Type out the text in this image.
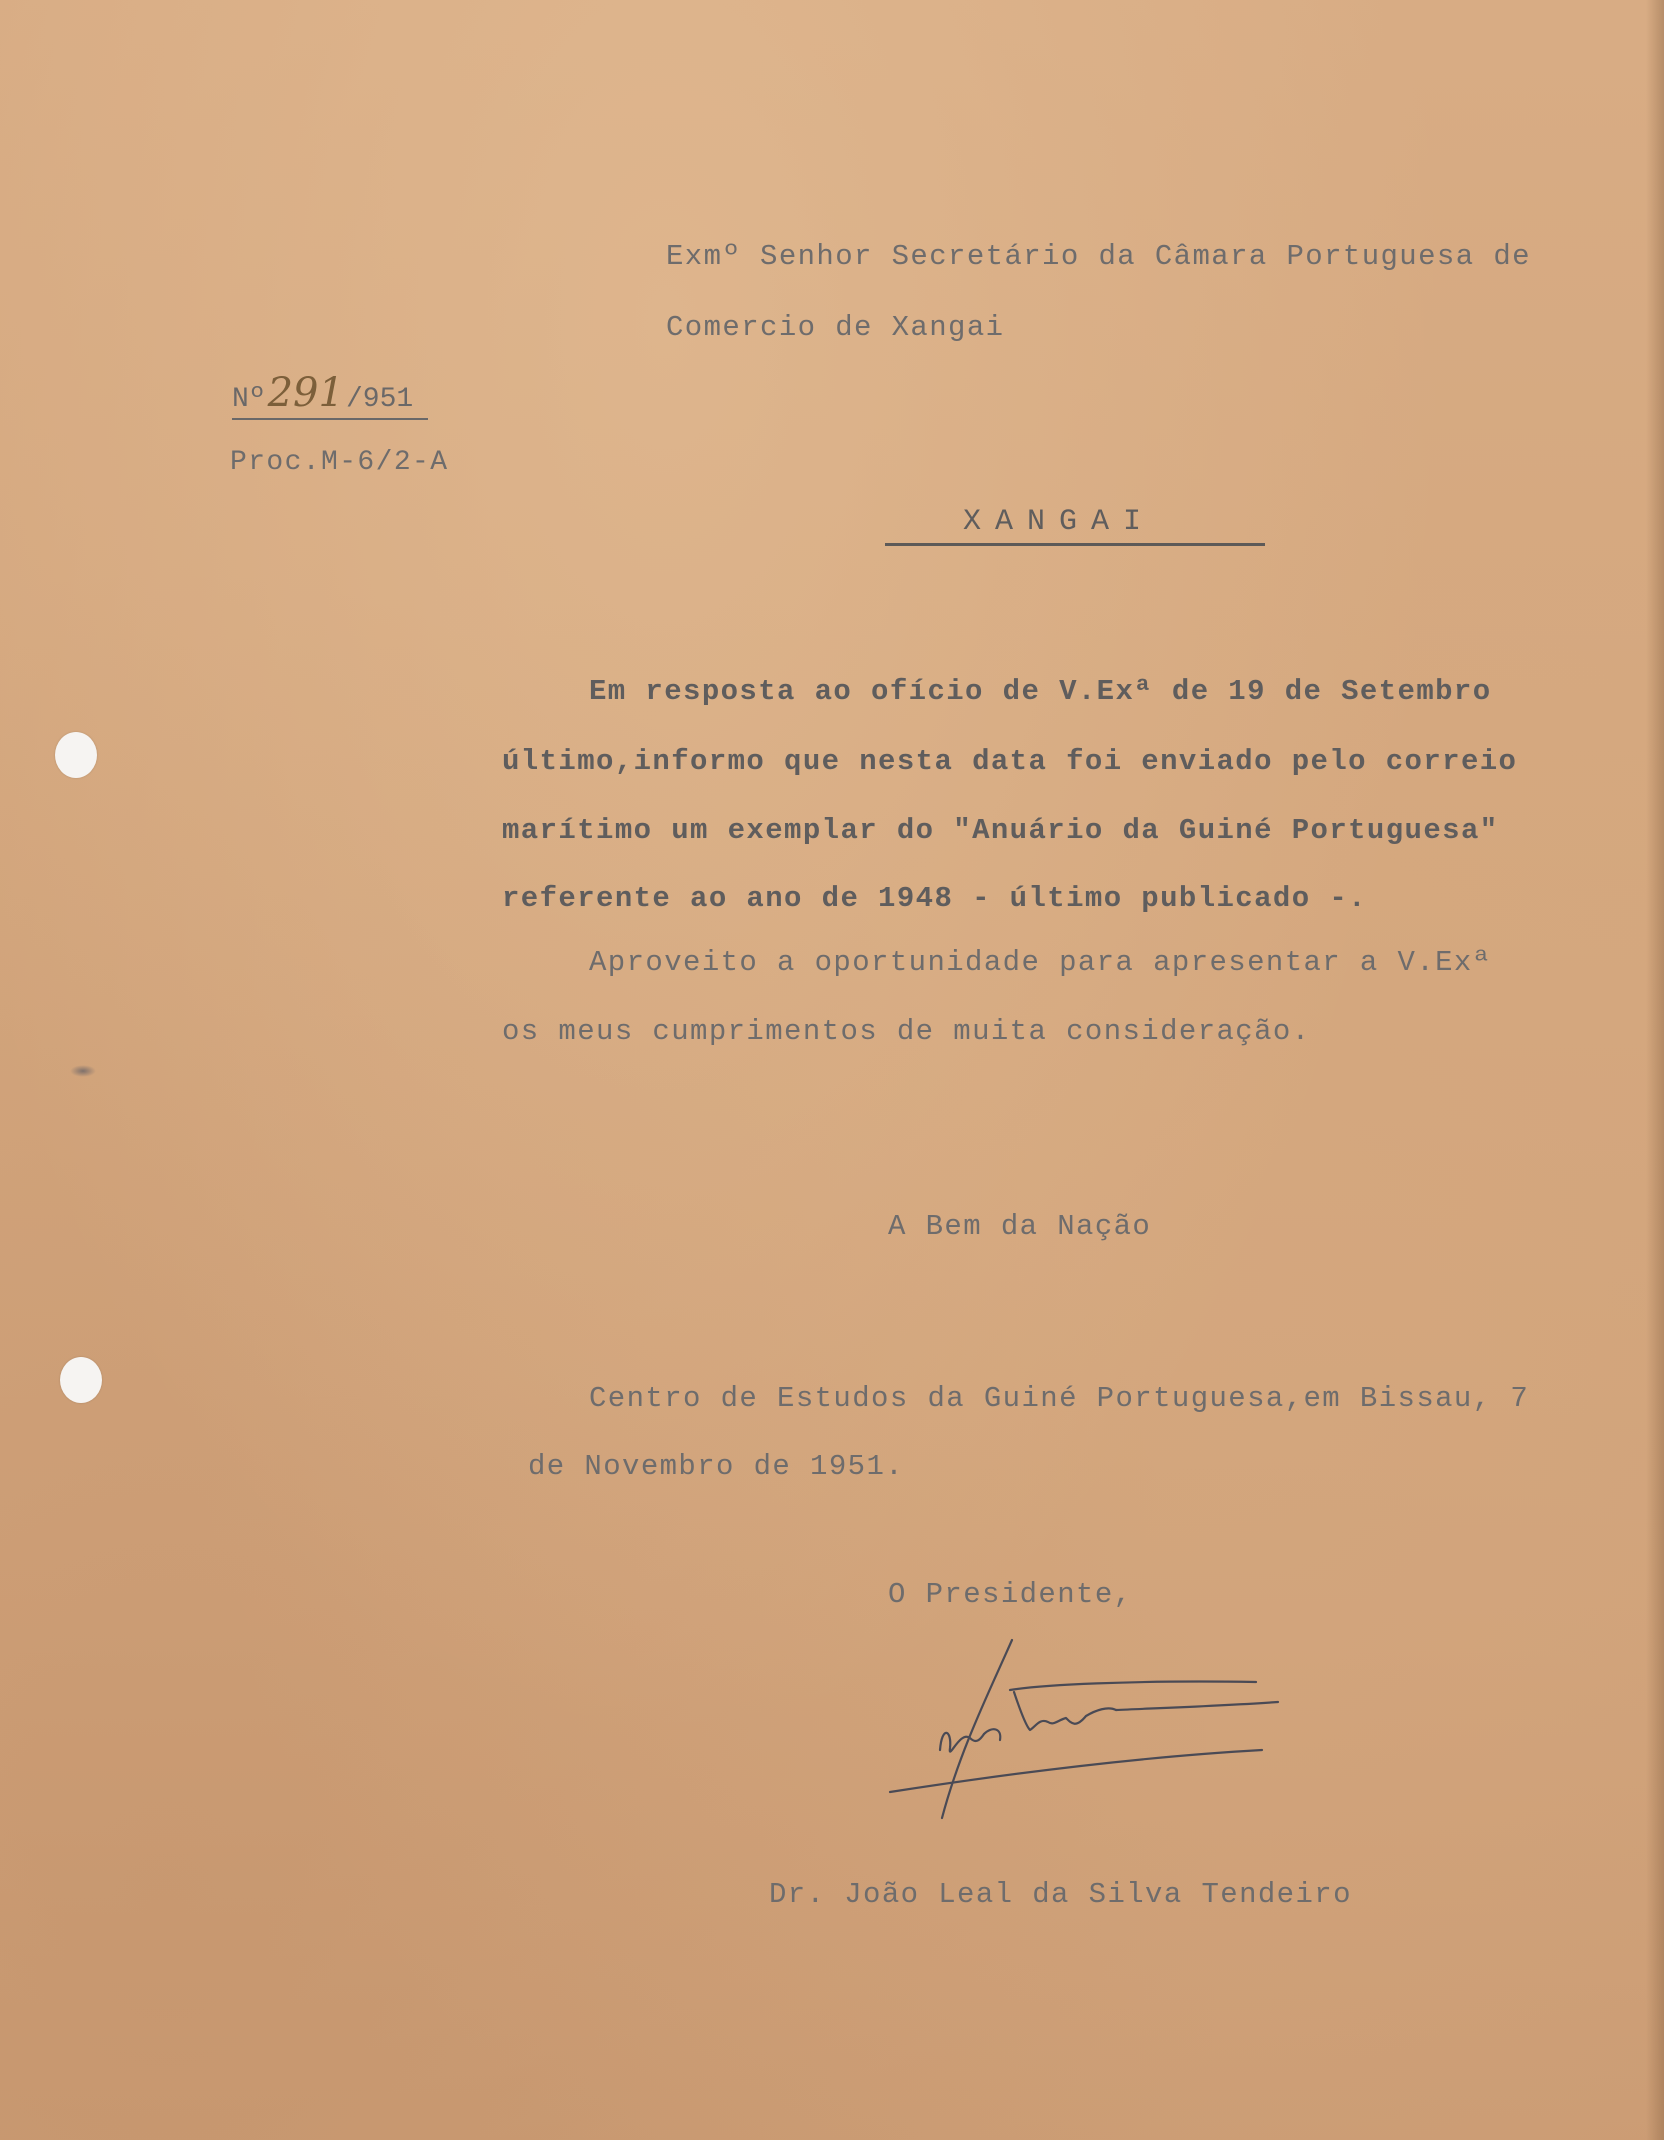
Exmº Senhor Secretário da Câmara Portuguesa de
Comercio de Xangai
Nº291/951
Proc.M-6/2-A
XANGAI
Em resposta ao ofício de V.Exª de 19 de Setembro
último,informo que nesta data foi enviado pelo correio
marítimo um exemplar do "Anuário da Guiné Portuguesa"
referente ao ano de 1948 - último publicado -.
Aproveito a oportunidade para apresentar a V.Exª
os meus cumprimentos de muita consideração.
A Bem da Nação
Centro de Estudos da Guiné Portuguesa,em Bissau, 7
de Novembro de 1951.
O Presidente,
Dr. João Leal da Silva Tendeiro
